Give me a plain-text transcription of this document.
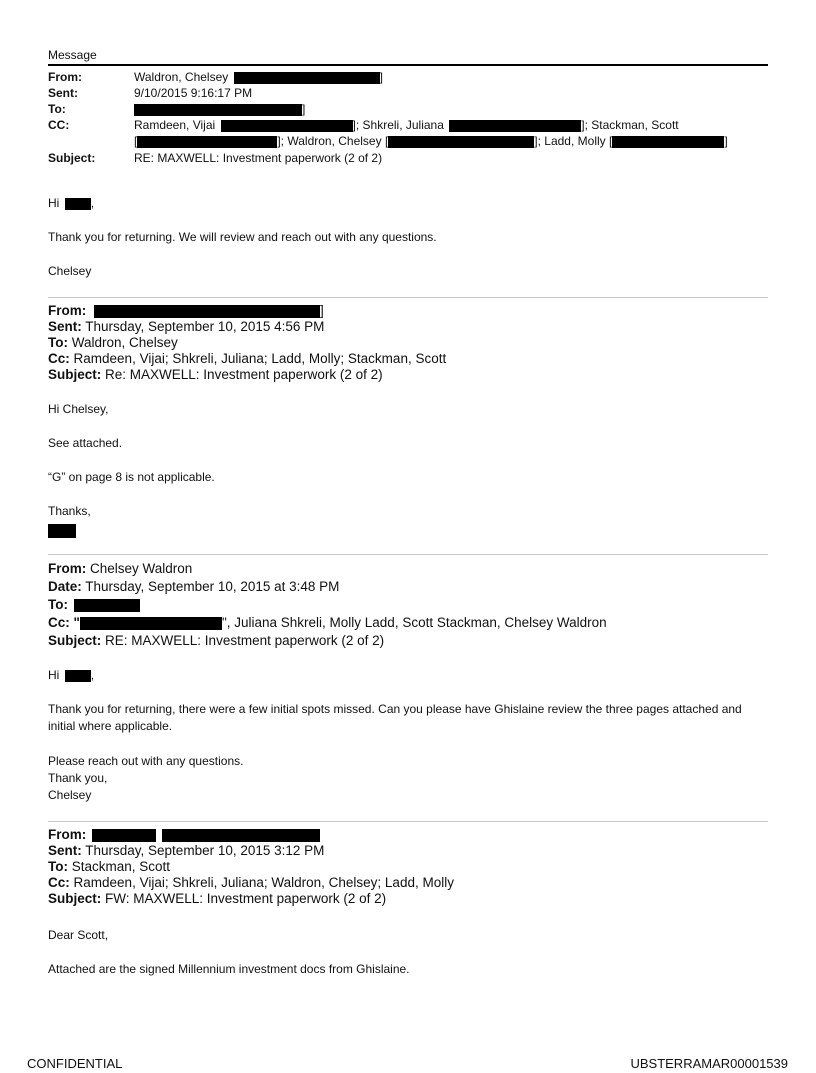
Message
From:	Waldron, Chelsey	]
Sent:	9/10/2015 9:16:17 PM
To:	]
CC:	Ramdeen, Vijai	]; Shkreli, Juliana	]; Stackman, Scott
[	]; Waldron, Chelsey [	]; Ladd, Molly [	]
Subject:	RE: MAXWELL: Investment paperwork (2 of 2)
Hi	,
Thank you for returning. We will review and reach out with any questions.
Chelsey
From:	]
Sent: Thursday, September 10, 2015 4:56 PM
To: Waldron, Chelsey
Cc: Ramdeen, Vijai; Shkreli, Juliana; Ladd, Molly; Stackman, Scott
Subject: Re: MAXWELL: Investment paperwork (2 of 2)
Hi Chelsey,
See attached.
“G” on page 8 is not applicable.
Thanks,
From: Chelsey Waldron
Date: Thursday, September 10, 2015 at 3:48 PM
To:
Cc: "	", Juliana Shkreli, Molly Ladd, Scott Stackman, Chelsey Waldron
Subject: RE: MAXWELL: Investment paperwork (2 of 2)
Hi	,
Thank you for returning, there were a few initial spots missed. Can you please have Ghislaine review the three pages attached and initial where applicable.
Please reach out with any questions.
Thank you,
Chelsey
From:
Sent: Thursday, September 10, 2015 3:12 PM
To: Stackman, Scott
Cc: Ramdeen, Vijai; Shkreli, Juliana; Waldron, Chelsey; Ladd, Molly
Subject: FW: MAXWELL: Investment paperwork (2 of 2)
Dear Scott,
Attached are the signed Millennium investment docs from Ghislaine.
CONFIDENTIAL	UBSTERRAMAR00001539
